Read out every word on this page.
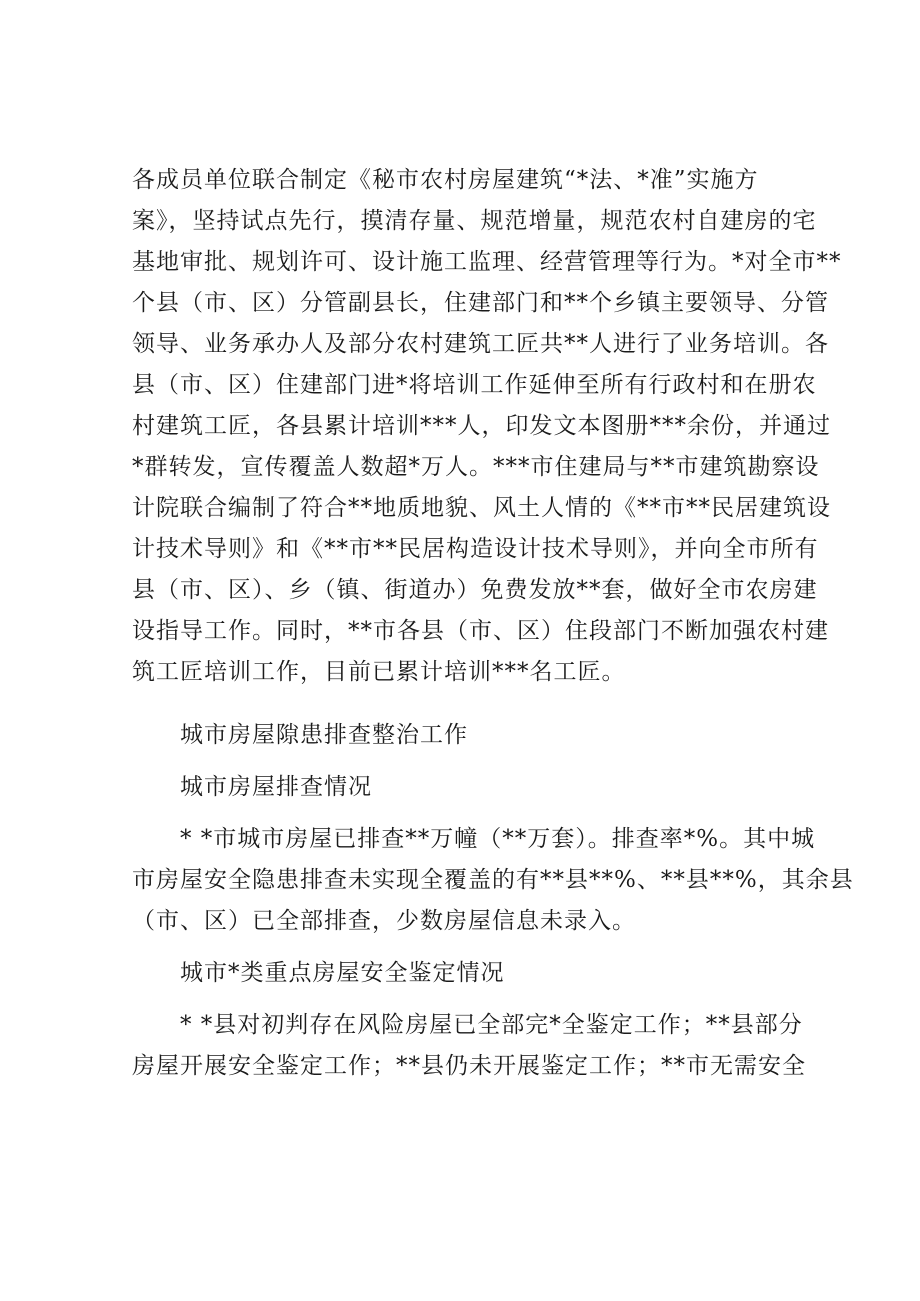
各成员单位联合制定《秘市农村房屋建筑“*法、*准”实施方
案》，坚持试点先行，摸清存量、规范增量，规范农村自建房的宅
基地审批、规划许可、设计施工监理、经营管理等行为。*对全市**
个县（市、区）分管副县长，住建部门和**个乡镇主要领导、分管
领导、业务承办人及部分农村建筑工匠共**人进行了业务培训。各
县（市、区）住建部门进*将培训工作延伸至所有行政村和在册农
村建筑工匠，各县累计培训***人，印发文本图册***余份，并通过
*群转发，宣传覆盖人数超*万人。***市住建局与**市建筑勘察设
计院联合编制了符合**地质地貌、风土人情的《**市**民居建筑设
计技术导则》和《**市**民居构造设计技术导则》，并向全市所有
县（市、区）、乡（镇、街道办）免费发放**套，做好全市农房建
设指导工作。同时，**市各县（市、区）住段部门不断加强农村建
筑工匠培训工作，目前已累计培训***名工匠。
城市房屋隙患排查整治工作
城市房屋排查情况
* *市城市房屋已排查**万幢（**万套）。排查率*%。其中城
市房屋安全隐患排查未实现全覆盖的有**县**%、**县**%，其余县
（市、区）已全部排查，少数房屋信息未录入。
城市*类重点房屋安全鉴定情况
* *县对初判存在风险房屋已全部完*全鉴定工作；**县部分
房屋开展安全鉴定工作；**县仍未开展鉴定工作；**市无需安全
